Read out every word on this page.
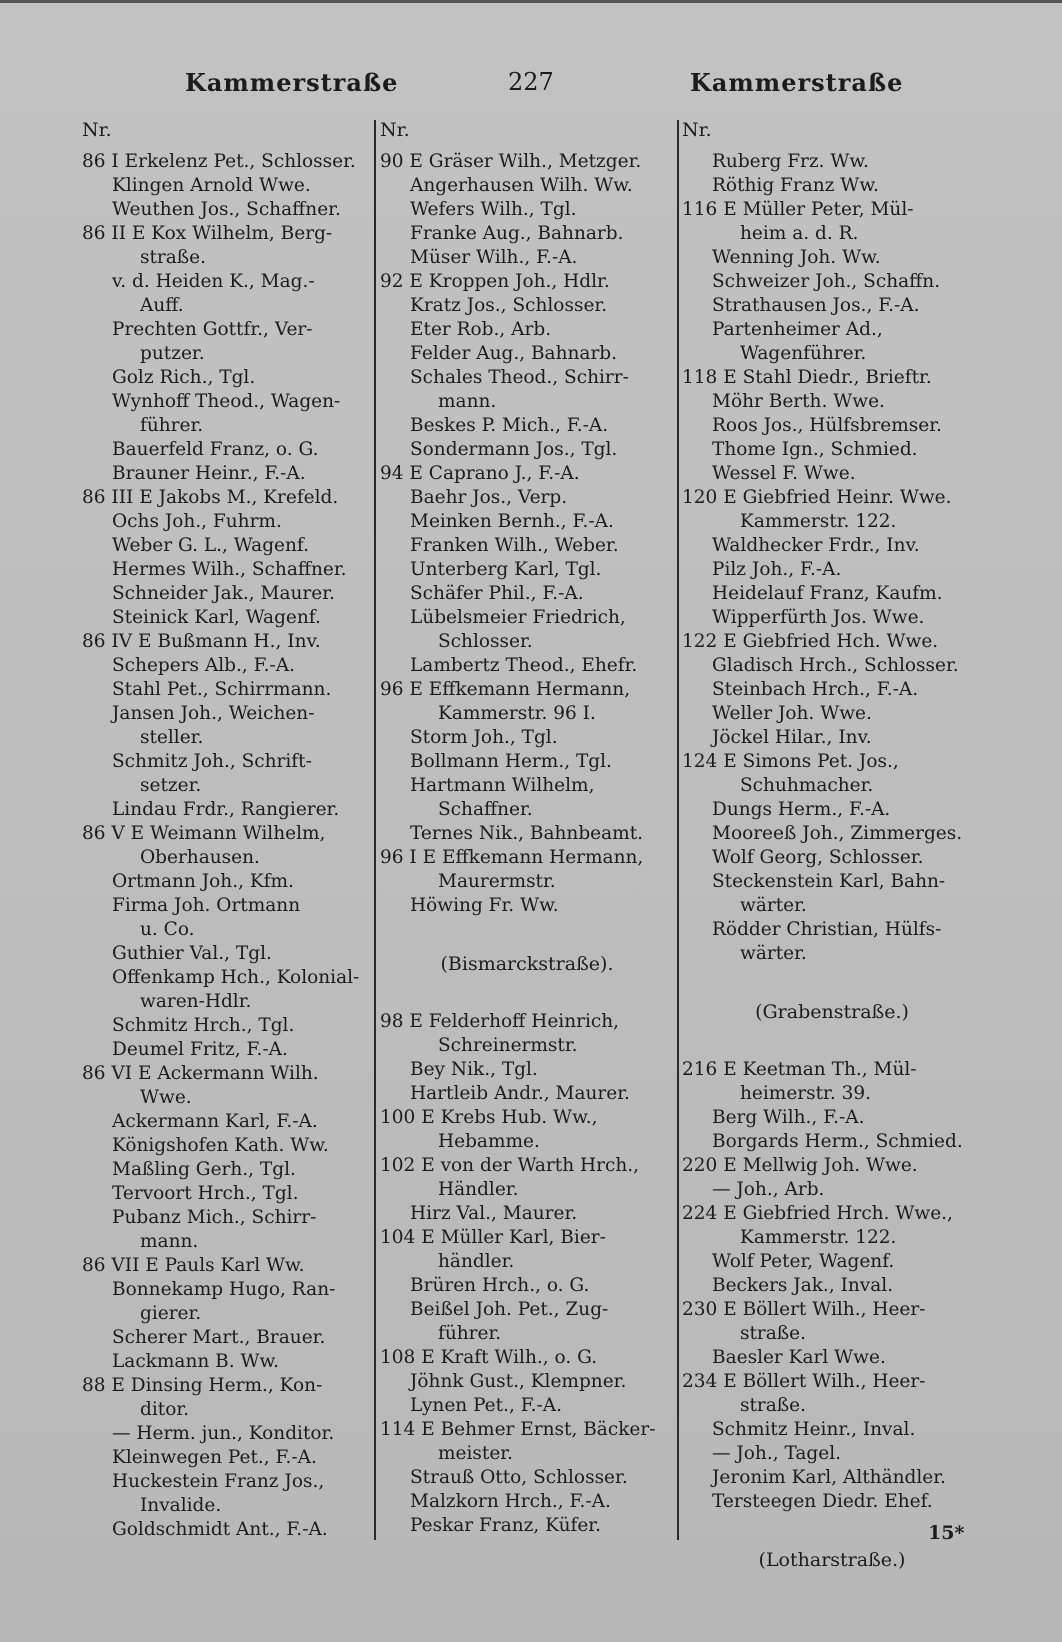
Kammerstraße	227	Kammerstraße
Nr.
86 I Erkelenz Pet., Schlosser.
Klingen Arnold Wwe.
Weuthen Jos., Schaffner.
86 II E Kox Wilhelm, Berg-
straße.
v. d. Heiden K., Mag.-
Auff.
Prechten Gottfr., Ver-
putzer.
Golz Rich., Tgl.
Wynhoff Theod., Wagen-
führer.
Bauerfeld Franz, o. G.
Brauner Heinr., F.-A.
86 III E Jakobs M., Krefeld.
Ochs Joh., Fuhrm.
Weber G. L., Wagenf.
Hermes Wilh., Schaffner.
Schneider Jak., Maurer.
Steinick Karl, Wagenf.
86 IV E Bußmann H., Inv.
Schepers Alb., F.-A.
Stahl Pet., Schirrmann.
Jansen Joh., Weichen-
steller.
Schmitz Joh., Schrift-
setzer.
Lindau Frdr., Rangierer.
86 V E Weimann Wilhelm,
Oberhausen.
Ortmann Joh., Kfm.
Firma Joh. Ortmann
u. Co.
Guthier Val., Tgl.
Offenkamp Hch., Kolonial-
waren-Hdlr.
Schmitz Hrch., Tgl.
Deumel Fritz, F.-A.
86 VI E Ackermann Wilh.
Wwe.
Ackermann Karl, F.-A.
Königshofen Kath. Ww.
Maßling Gerh., Tgl.
Tervoort Hrch., Tgl.
Pubanz Mich., Schirr-
mann.
86 VII E Pauls Karl Ww.
Bonnekamp Hugo, Ran-
gierer.
Scherer Mart., Brauer.
Lackmann B. Ww.
88 E Dinsing Herm., Kon-
ditor.
— Herm. jun., Konditor.
Kleinwegen Pet., F.-A.
Huckestein Franz Jos.,
Invalide.
Goldschmidt Ant., F.-A.
Nr.
90 E Gräser Wilh., Metzger.
Angerhausen Wilh. Ww.
Wefers Wilh., Tgl.
Franke Aug., Bahnarb.
Müser Wilh., F.-A.
92 E Kroppen Joh., Hdlr.
Kratz Jos., Schlosser.
Eter Rob., Arb.
Felder Aug., Bahnarb.
Schales Theod., Schirr-
mann.
Beskes P. Mich., F.-A.
Sondermann Jos., Tgl.
94 E Caprano J., F.-A.
Baehr Jos., Verp.
Meinken Bernh., F.-A.
Franken Wilh., Weber.
Unterberg Karl, Tgl.
Schäfer Phil., F.-A.
Lübelsmeier Friedrich,
Schlosser.
Lambertz Theod., Ehefr.
96 E Effkemann Hermann,
Kammerstr. 96 I.
Storm Joh., Tgl.
Bollmann Herm., Tgl.
Hartmann Wilhelm,
Schaffner.
Ternes Nik., Bahnbeamt.
96 I E Effkemann Hermann,
Maurermstr.
Höwing Fr. Ww.
(Bismarckstraße).
98 E Felderhoff Heinrich,
Schreinermstr.
Bey Nik., Tgl.
Hartleib Andr., Maurer.
100 E Krebs Hub. Ww.,
Hebamme.
102 E von der Warth Hrch.,
Händler.
Hirz Val., Maurer.
104 E Müller Karl, Bier-
händler.
Brüren Hrch., o. G.
Beißel Joh. Pet., Zug-
führer.
108 E Kraft Wilh., o. G.
Jöhnk Gust., Klempner.
Lynen Pet., F.-A.
114 E Behmer Ernst, Bäcker-
meister.
Strauß Otto, Schlosser.
Malzkorn Hrch., F.-A.
Peskar Franz, Küfer.
Nr.
Ruberg Frz. Ww.
Röthig Franz Ww.
116 E Müller Peter, Mül-
heim a. d. R.
Wenning Joh. Ww.
Schweizer Joh., Schaffn.
Strathausen Jos., F.-A.
Partenheimer Ad.,
Wagenführer.
118 E Stahl Diedr., Brieftr.
Möhr Berth. Wwe.
Roos Jos., Hülfsbremser.
Thome Ign., Schmied.
Wessel F. Wwe.
120 E Giebfried Heinr. Wwe.
Kammerstr. 122.
Waldhecker Frdr., Inv.
Pilz Joh., F.-A.
Heidelauf Franz, Kaufm.
Wipperfürth Jos. Wwe.
122 E Giebfried Hch. Wwe.
Gladisch Hrch., Schlosser.
Steinbach Hrch., F.-A.
Weller Joh. Wwe.
Jöckel Hilar., Inv.
124 E Simons Pet. Jos.,
Schuhmacher.
Dungs Herm., F.-A.
Mooreeß Joh., Zimmerges.
Wolf Georg, Schlosser.
Steckenstein Karl, Bahn-
wärter.
Rödder Christian, Hülfs-
wärter.
(Grabenstraße.)
216 E Keetman Th., Mül-
heimerstr. 39.
Berg Wilh., F.-A.
Borgards Herm., Schmied.
220 E Mellwig Joh. Wwe.
— Joh., Arb.
224 E Giebfried Hrch. Wwe.,
Kammerstr. 122.
Wolf Peter, Wagenf.
Beckers Jak., Inval.
230 E Böllert Wilh., Heer-
straße.
Baesler Karl Wwe.
234 E Böllert Wilh., Heer-
straße.
Schmitz Heinr., Inval.
— Joh., Tagel.
Jeronim Karl, Althändler.
Tersteegen Diedr. Ehef.
(Lotharstraße.)
15*
